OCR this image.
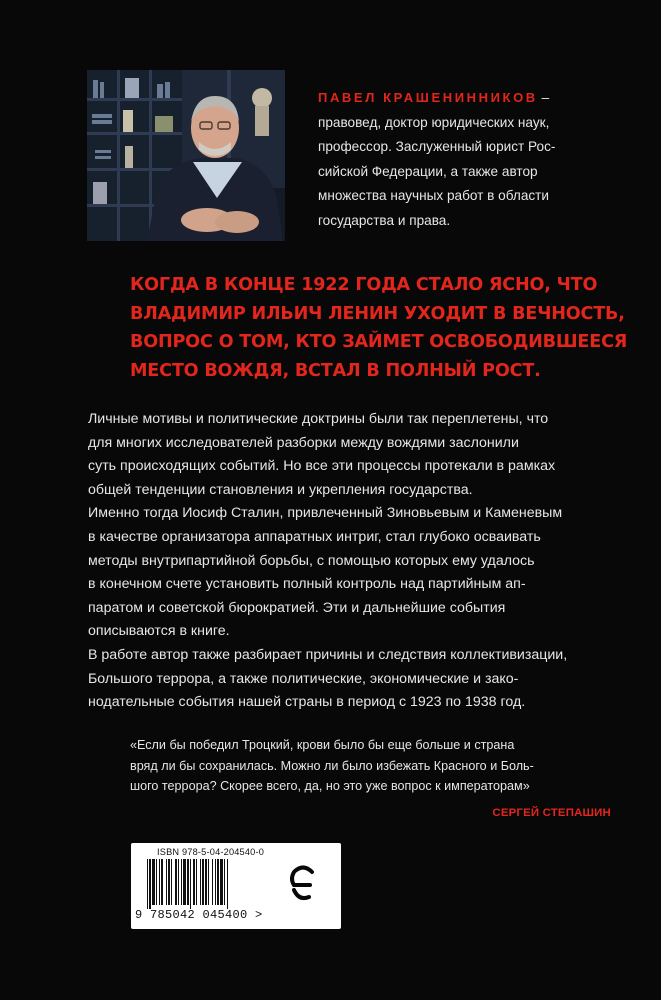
ПАВЕЛ КРАШЕНИННИКОВ –
правовед, доктор юридических наук,
профессор. Заслуженный юрист Рос-
сийской Федерации, а также автор
множества научных работ в области
государства и права.
КОГДА В КОНЦЕ 1922 ГОДА СТАЛО ЯСНО, ЧТО
ВЛАДИМИР ИЛЬИЧ ЛЕНИН УХОДИТ В ВЕЧНОСТЬ,
ВОПРОС О ТОМ, КТО ЗАЙМЕТ ОСВОБОДИВШЕЕСЯ
МЕСТО ВОЖДЯ, ВСТАЛ В ПОЛНЫЙ РОСТ.
Личные мотивы и политические доктрины были так переплетены, что
для многих исследователей разборки между вождями заслонили
суть происходящих событий. Но все эти процессы протекали в рамках
общей тенденции становления и укрепления государства.
Именно тогда Иосиф Сталин, привлеченный Зиновьевым и Каменевым
в качестве организатора аппаратных интриг, стал глубоко осваивать
методы внутрипартийной борьбы, с помощью которых ему удалось
в конечном счете установить полный контроль над партийным ап-
паратом и советской бюрократией. Эти и дальнейшие события
описываются в книге.
В работе автор также разбирает причины и следствия коллективизации,
Большого террора, а также политические, экономические и зако-
нодательные события нашей страны в период с 1923 по 1938 год.
«Если бы победил Троцкий, крови было бы еще больше и страна
вряд ли бы сохранилась. Можно ли было избежать Красного и Боль-
шого террора? Скорее всего, да, но это уже вопрос к императорам»
СЕРГЕЙ СТЕПАШИН
ISBN 978-5-04-204540-0
9 785042 045400 >
